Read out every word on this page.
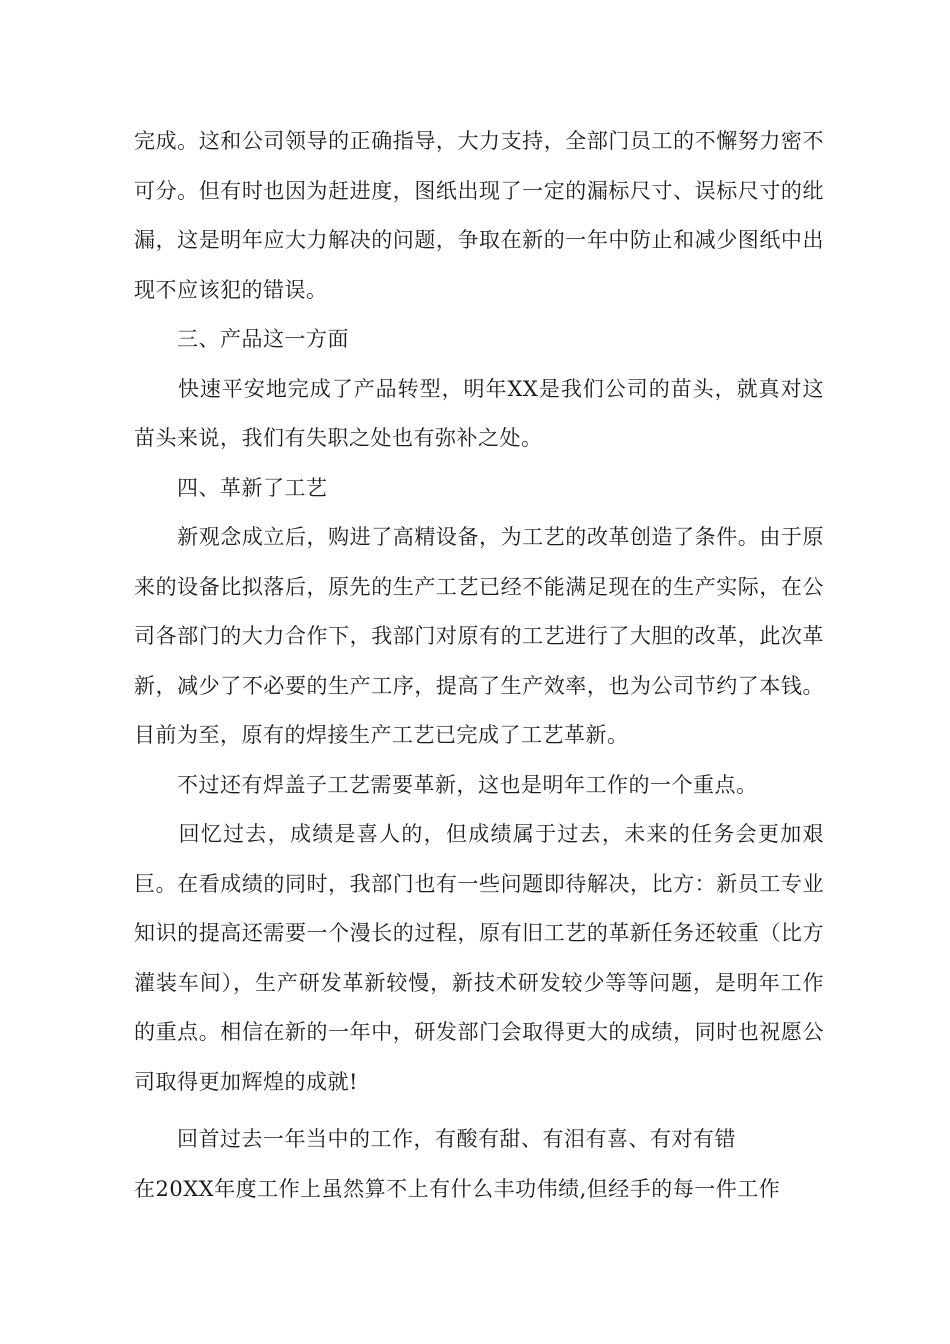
完成。这和公司领导的正确指导，大力支持，全部门员工的不懈努力密不可分。但有时也因为赶进度，图纸出现了一定的漏标尺寸、误标尺寸的纰漏，这是明年应大力解决的问题，争取在新的一年中防止和减少图纸中出现不应该犯的错误。

　　三、产品这一方面

　　快速平安地完成了产品转型，明年XX是我们公司的苗头，就真对这苗头来说，我们有失职之处也有弥补之处。

　　四、革新了工艺

　　新观念成立后，购进了高精设备，为工艺的改革创造了条件。由于原来的设备比拟落后，原先的生产工艺已经不能满足现在的生产实际，在公司各部门的大力合作下，我部门对原有的工艺进行了大胆的改革，此次革新，减少了不必要的生产工序，提高了生产效率，也为公司节约了本钱。目前为至，原有的焊接生产工艺已完成了工艺革新。

　　不过还有焊盖子工艺需要革新，这也是明年工作的一个重点。

　　回忆过去，成绩是喜人的，但成绩属于过去，未来的任务会更加艰巨。在看成绩的同时，我部门也有一些问题即待解决，比方：新员工专业知识的提高还需要一个漫长的过程，原有旧工艺的革新任务还较重（比方灌装车间），生产研发革新较慢，新技术研发较少等等问题，是明年工作的重点。相信在新的一年中，研发部门会取得更大的成绩，同时也祝愿公司取得更加辉煌的成就!

　　回首过去一年当中的工作，有酸有甜、有泪有喜、有对有错

在20XX年度工作上虽然算不上有什么丰功伟绩,但经手的每一件工作
